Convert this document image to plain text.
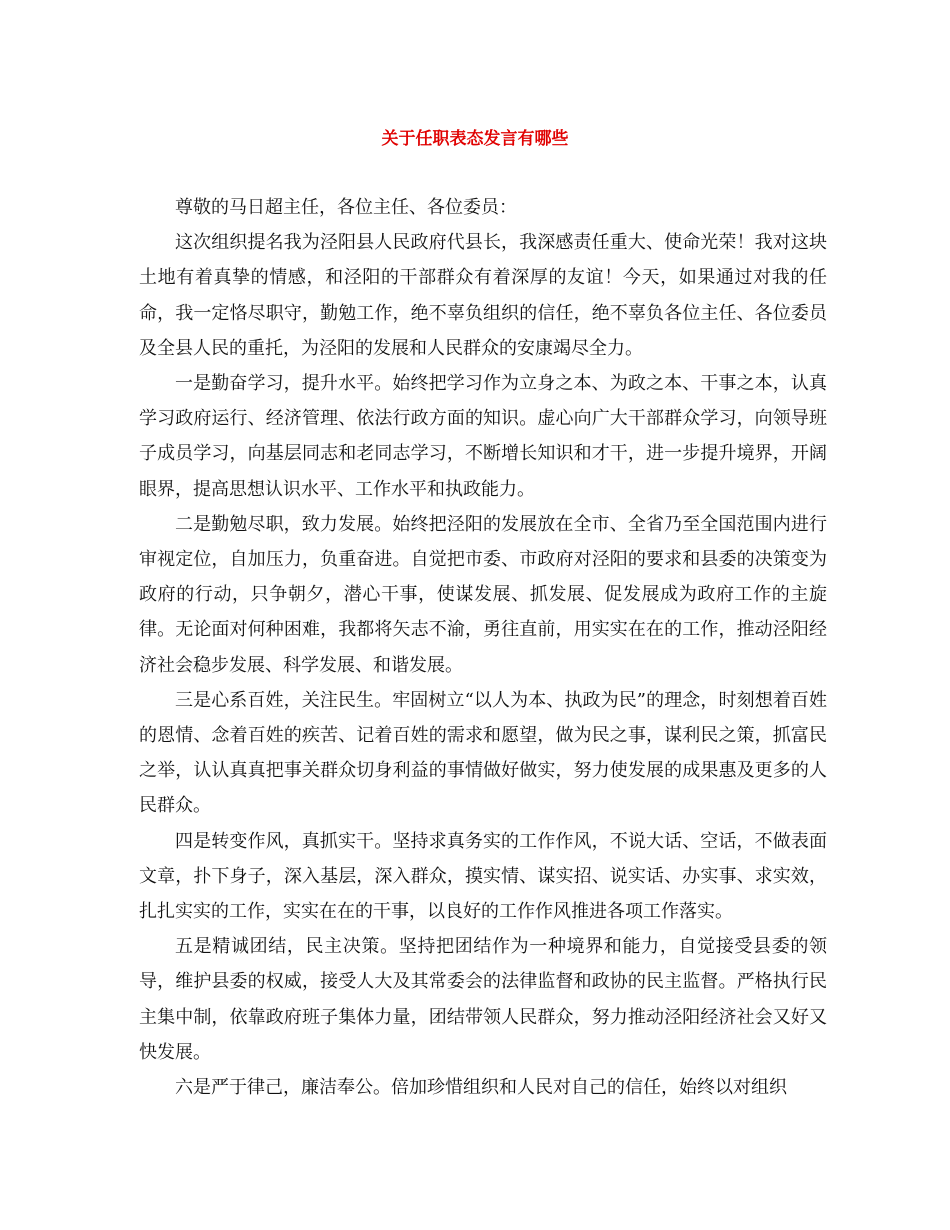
关于任职表态发言有哪些

尊敬的马日超主任，各位主任、各位委员：

这次组织提名我为泾阳县人民政府代县长，我深感责任重大、使命光荣！我对这块土地有着真挚的情感，和泾阳的干部群众有着深厚的友谊！今天，如果通过对我的任命，我一定恪尽职守，勤勉工作，绝不辜负组织的信任，绝不辜负各位主任、各位委员及全县人民的重托，为泾阳的发展和人民群众的安康竭尽全力。

一是勤奋学习，提升水平。始终把学习作为立身之本、为政之本、干事之本，认真学习政府运行、经济管理、依法行政方面的知识。虚心向广大干部群众学习，向领导班子成员学习，向基层同志和老同志学习，不断增长知识和才干，进一步提升境界，开阔眼界，提高思想认识水平、工作水平和执政能力。

二是勤勉尽职，致力发展。始终把泾阳的发展放在全市、全省乃至全国范围内进行审视定位，自加压力，负重奋进。自觉把市委、市政府对泾阳的要求和县委的决策变为政府的行动，只争朝夕，潜心干事，使谋发展、抓发展、促发展成为政府工作的主旋律。无论面对何种困难，我都将矢志不渝，勇往直前，用实实在在的工作，推动泾阳经济社会稳步发展、科学发展、和谐发展。

三是心系百姓，关注民生。牢固树立“以人为本、执政为民”的理念，时刻想着百姓的恩情、念着百姓的疾苦、记着百姓的需求和愿望，做为民之事，谋利民之策，抓富民之举，认认真真把事关群众切身利益的事情做好做实，努力使发展的成果惠及更多的人民群众。

四是转变作风，真抓实干。坚持求真务实的工作作风，不说大话、空话，不做表面文章，扑下身子，深入基层，深入群众，摸实情、谋实招、说实话、办实事、求实效，扎扎实实的工作，实实在在的干事，以良好的工作作风推进各项工作落实。

五是精诚团结，民主决策。坚持把团结作为一种境界和能力，自觉接受县委的领导，维护县委的权威，接受人大及其常委会的法律监督和政协的民主监督。严格执行民主集中制，依靠政府班子集体力量，团结带领人民群众，努力推动泾阳经济社会又好又快发展。

六是严于律己，廉洁奉公。倍加珍惜组织和人民对自己的信任，始终以对组织
